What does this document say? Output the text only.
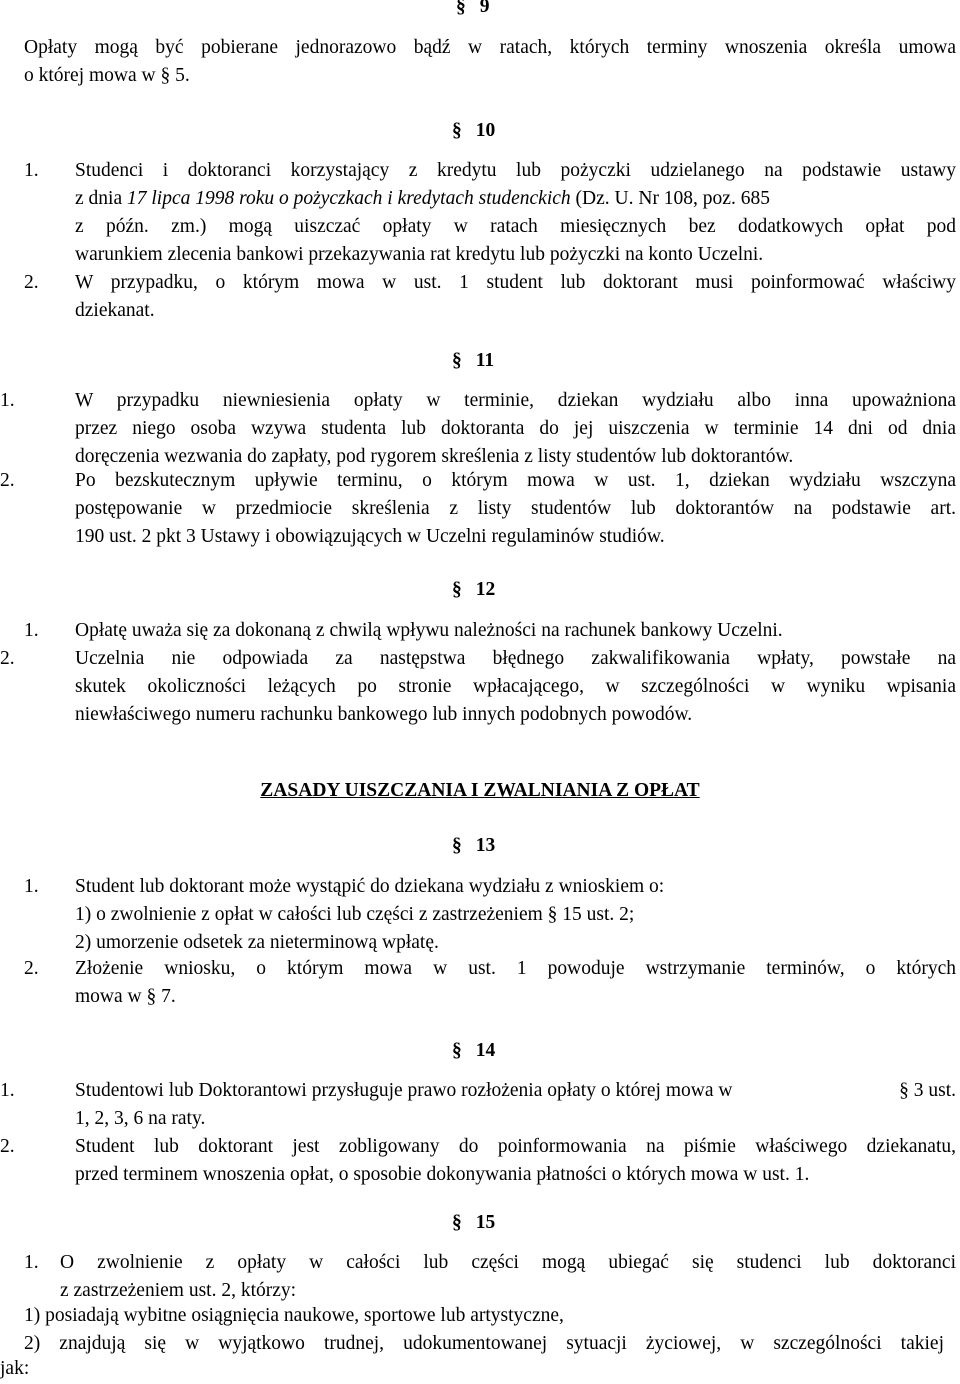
§ 9
Opłaty mogą być pobierane jednorazowo bądź w ratach, których terminy wnoszenia określa umowa
o której mowa w § 5.
§ 10
1. Studenci i doktoranci korzystający z kredytu lub pożyczki udzielanego na podstawie ustawy
z dnia 17 lipca 1998 roku o pożyczkach i kredytach studenckich (Dz. U. Nr 108, poz. 685
z późn. zm.) mogą uiszczać opłaty w ratach miesięcznych bez dodatkowych opłat pod
warunkiem zlecenia bankowi przekazywania rat kredytu lub pożyczki na konto Uczelni.
2. W przypadku, o którym mowa w ust. 1 student lub doktorant musi poinformować właściwy
dziekanat.
§ 11
1.	W przypadku niewniesienia opłaty w terminie, dziekan wydziału albo inna upoważniona
przez niego osoba wzywa studenta lub doktoranta do jej uiszczenia w terminie 14 dni od dnia
doręczenia wezwania do zapłaty, pod rygorem skreślenia z listy studentów lub doktorantów.
2.	Po bezskutecznym upływie terminu, o którym mowa w ust. 1, dziekan wydziału wszczyna
postępowanie w przedmiocie skreślenia z listy studentów lub doktorantów na podstawie art.
190 ust. 2 pkt 3 Ustawy i obowiązujących w Uczelni regulaminów studiów.
§ 12
1. Opłatę uważa się za dokonaną z chwilą wpływu należności na rachunek bankowy Uczelni.
2.	Uczelnia nie odpowiada za następstwa błędnego zakwalifikowania wpłaty, powstałe na
skutek okoliczności leżących po stronie wpłacającego, w szczególności w wyniku wpisania
niewłaściwego numeru rachunku bankowego lub innych podobnych powodów.
ZASADY UISZCZANIA I ZWALNIANIA Z OPŁAT
§ 13
1. Student lub doktorant może wystąpić do dziekana wydziału z wnioskiem o:
1) o zwolnienie z opłat w całości lub części z zastrzeżeniem § 15 ust. 2;
2) umorzenie odsetek za nieterminową wpłatę.
2. Złożenie wniosku, o którym mowa w ust. 1 powoduje wstrzymanie terminów, o których
mowa w § 7.
§ 14
1.	Studentowi lub Doktorantowi przysługuje prawo rozłożenia opłaty o której mowa w	§ 3 ust.
1, 2, 3, 6 na raty.
2.	Student lub doktorant jest zobligowany do poinformowania na piśmie właściwego dziekanatu,
przed terminem wnoszenia opłat, o sposobie dokonywania płatności o których mowa w ust. 1.
§ 15
1. O zwolnienie z opłaty w całości lub części mogą ubiegać się studenci lub doktoranci
z zastrzeżeniem ust. 2, którzy:
1) posiadają wybitne osiągnięcia naukowe, sportowe lub artystyczne,
2) znajdują się w wyjątkowo trudnej, udokumentowanej sytuacji życiowej, w szczególności takiej
jak:
